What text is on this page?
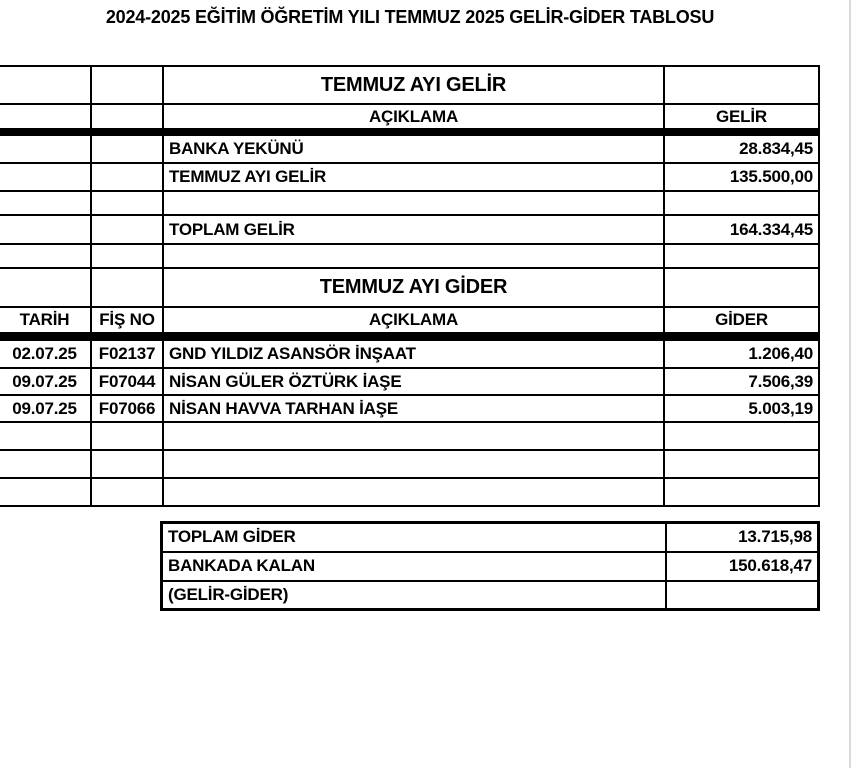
2024-2025 EĞİTİM ÖĞRETİM YILI TEMMUZ 2025 GELİR-GİDER TABLOSU
		TEMMUZ AYI GELİR	
		AÇIKLAMA	GELİR

		BANKA YEKÜNÜ	28.834,45
		TEMMUZ AYI GELİR	135.500,00

		TOPLAM GELİR	164.334,45

		TEMMUZ AYI GİDER	
TARİH	FİŞ NO	AÇIKLAMA	GİDER

02.07.25	F02137	GND YILDIZ ASANSÖR İNŞAAT	1.206,40
09.07.25	F07044	NİSAN GÜLER ÖZTÜRK İAŞE	7.506,39
09.07.25	F07066	NİSAN HAVVA TARHAN İAŞE	5.003,19

TOPLAM GİDER	13.715,98
BANKADA KALAN	150.618,47
(GELİR-GİDER)	
